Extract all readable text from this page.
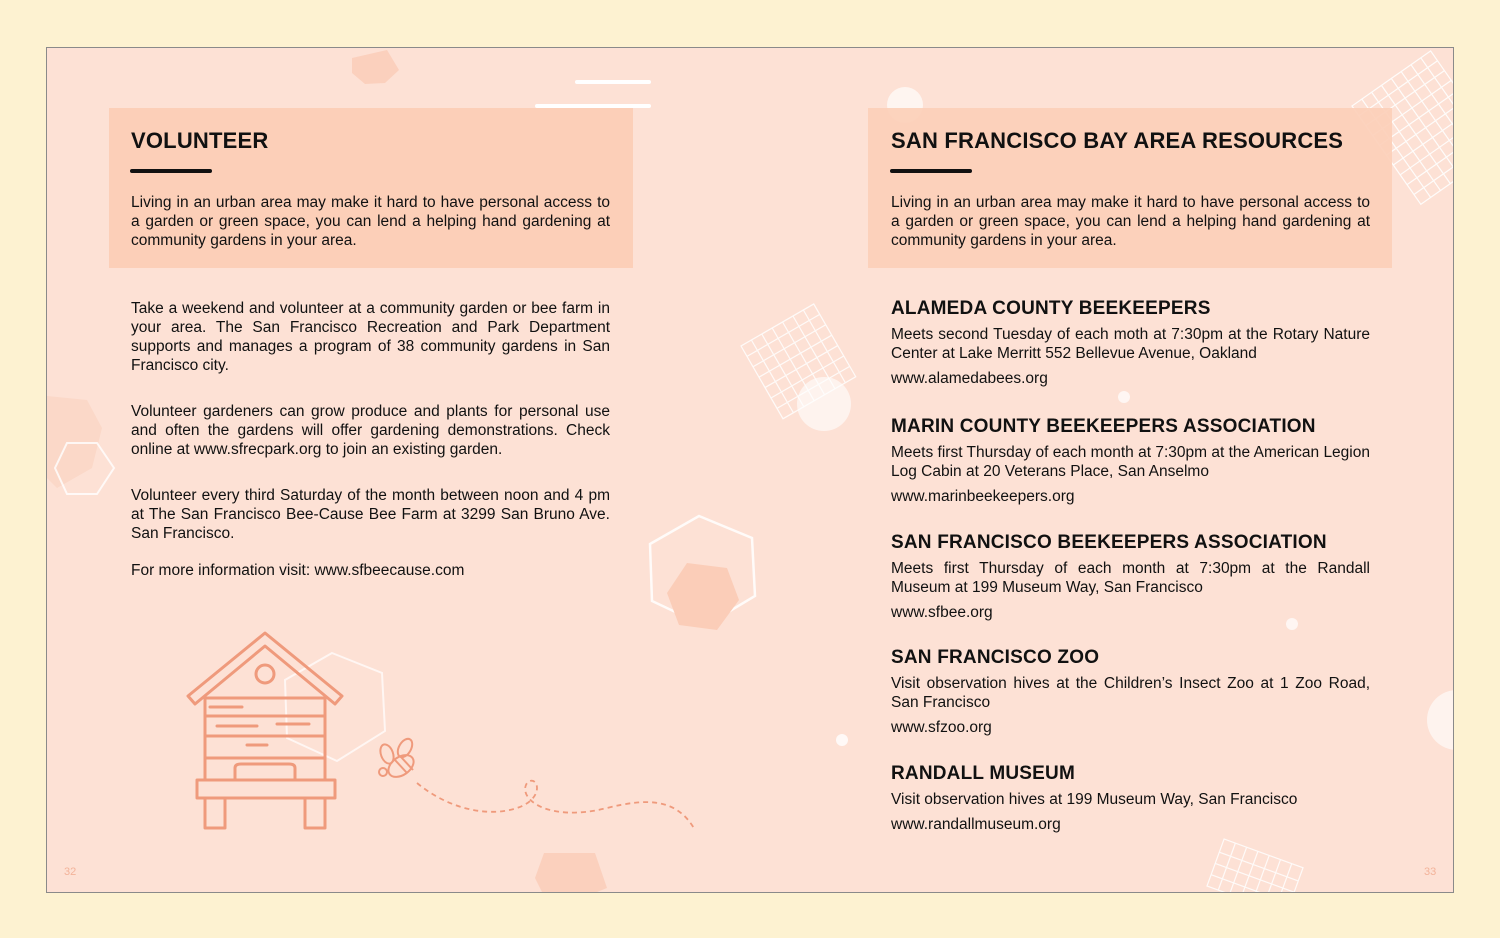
VOLUNTEER

Living in an urban area may make it hard to have personal access to a garden or green space, you can lend a helping hand gardening at community gardens in your area.

Take a weekend and volunteer at a community garden or bee farm in your area. The San Francisco Recreation and Park Department supports and manages a program of 38 community gardens in San Francisco city.

Volunteer gardeners can grow produce and plants for personal use and often the gardens will offer gardening demonstrations. Check online at www.sfrecpark.org to join an existing garden.

Volunteer every third Saturday of the month between noon and 4 pm at The San Francisco Bee-Cause Bee Farm at 3299 San Bruno Ave. San Francisco.

For more information visit: www.sfbeecause.com

32
SAN FRANCISCO BAY AREA RESOURCES

Living in an urban area may make it hard to have personal access to a garden or green space, you can lend a helping hand gardening at community gardens in your area.

ALAMEDA COUNTY BEEKEEPERS

Meets second Tuesday of each moth at 7:30pm at the Rotary Nature Center at Lake Merritt 552 Bellevue Avenue, Oakland

www.alamedabees.org

MARIN COUNTY BEEKEEPERS ASSOCIATION

Meets first Thursday of each month at 7:30pm at the American Legion Log Cabin at 20 Veterans Place, San Anselmo

www.marinbeekeepers.org

SAN FRANCISCO BEEKEEPERS ASSOCIATION

Meets first Thursday of each month at 7:30pm at the Randall Museum at 199 Museum Way, San Francisco

www.sfbee.org

SAN FRANCISCO ZOO

Visit observation hives at the Children’s Insect Zoo at 1 Zoo Road, San Francisco

www.sfzoo.org

RANDALL MUSEUM

Visit observation hives at 199 Museum Way, San Francisco

www.randallmuseum.org

33
